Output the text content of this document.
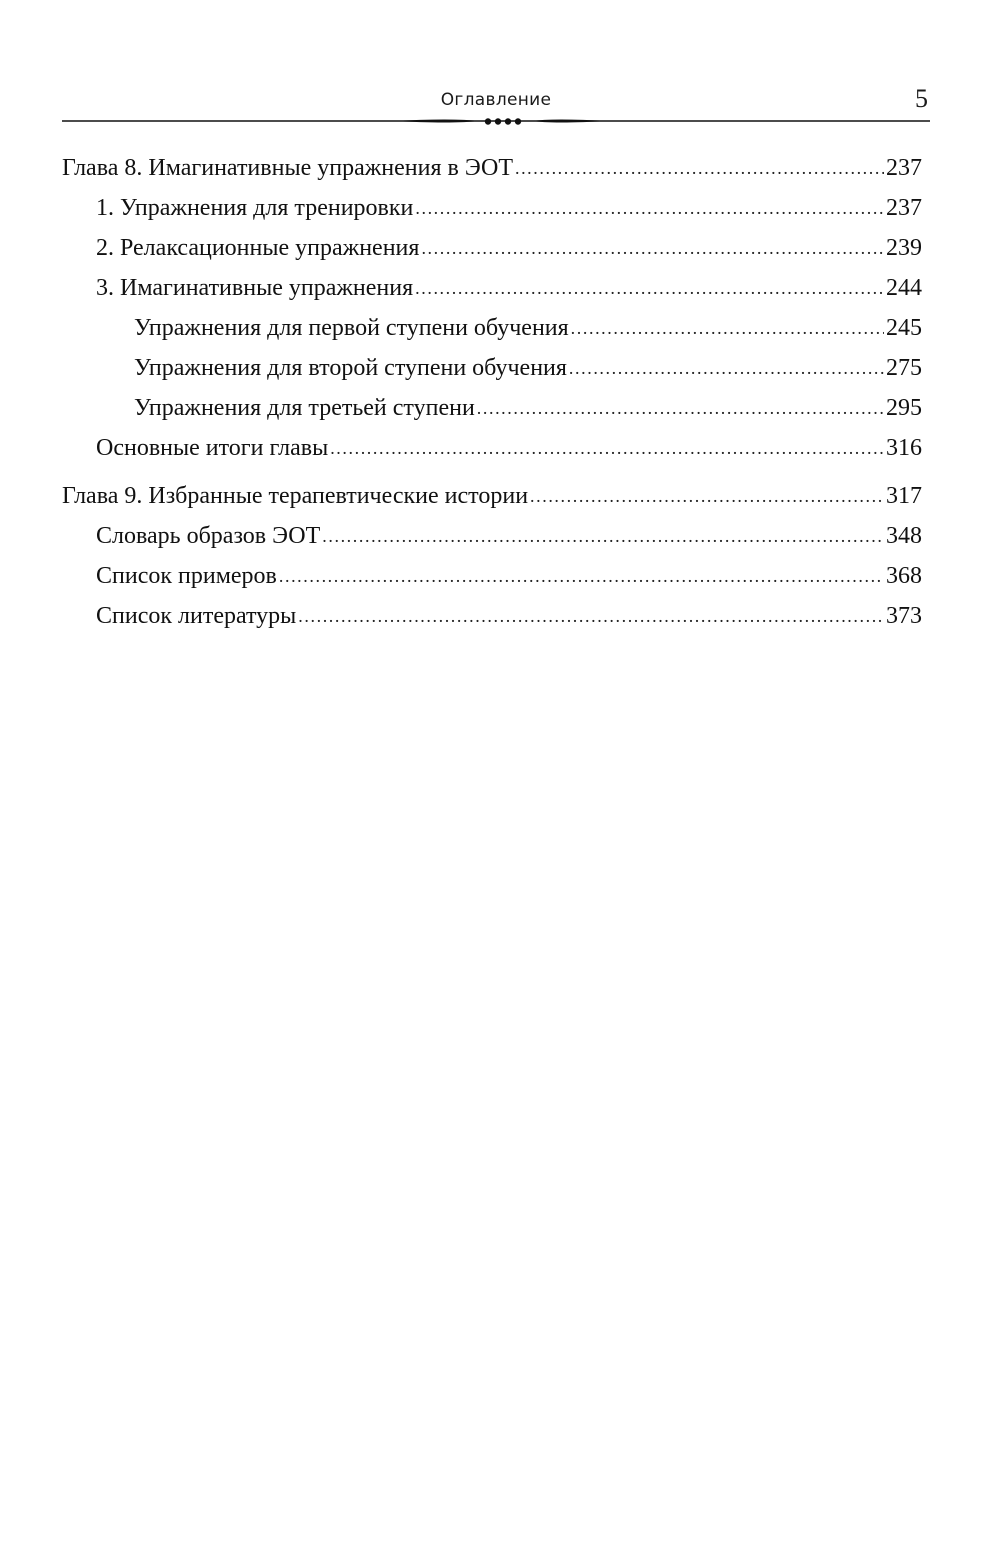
Оглавление	5
Глава 8. Имагинативные упражнения в ЭОТ .....	237
1. Упражнения для тренировки .....	237
2. Релаксационные упражнения .....	239
3. Имагинативные упражнения .....	244
Упражнения для первой ступени обучения .....	245
Упражнения для второй ступени обучения .....	275
Упражнения для третьей ступени .....	295
Основные итоги главы .....	316
Глава 9. Избранные терапевтические истории .....	317
Словарь образов ЭОТ .....	348
Список примеров .....	368
Список литературы .....	373
